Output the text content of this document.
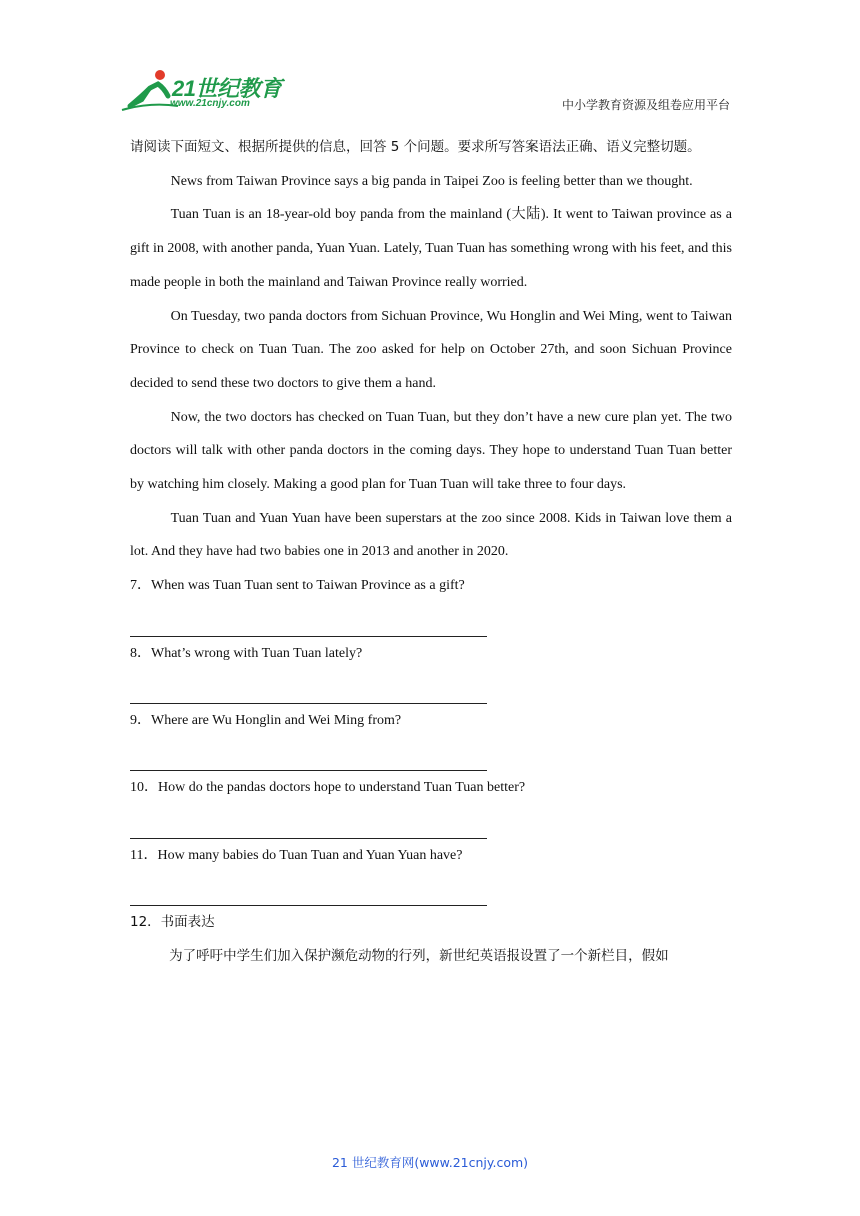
21世纪教育
www.21cnjy.com	中小学教育资源及组卷应用平台

请阅读下面短文、根据所提供的信息，回答 5 个问题。要求所写答案语法正确、语义完整切题。

News from Taiwan Province says a big panda in Taipei Zoo is feeling better than we thought.

Tuan Tuan is an 18-year-old boy panda from the mainland (大陆). It went to Taiwan province as a gift in 2008, with another panda, Yuan Yuan. Lately, Tuan Tuan has something wrong with his feet, and this made people in both the mainland and Taiwan Province really worried.

On Tuesday, two panda doctors from Sichuan Province, Wu Honglin and Wei Ming, went to Taiwan Province to check on Tuan Tuan. The zoo asked for help on October 27th, and soon Sichuan Province decided to send these two doctors to give them a hand.

Now, the two doctors has checked on Tuan Tuan, but they don’t have a new cure plan yet. The two doctors will talk with other panda doctors in the coming days. They hope to understand Tuan Tuan better by watching him closely. Making a good plan for Tuan Tuan will take three to four days.

Tuan Tuan and Yuan Yuan have been superstars at the zoo since 2008. Kids in Taiwan love them a lot. And they have had two babies one in 2013 and another in 2020.

7．When was Tuan Tuan sent to Taiwan Province as a gift?

8．What’s wrong with Tuan Tuan lately?

9．Where are Wu Honglin and Wei Ming from?

10．How do the pandas doctors hope to understand Tuan Tuan better?

11．How many babies do Tuan Tuan and Yuan Yuan have?

12．书面表达

为了呼吁中学生们加入保护濒危动物的行列，新世纪英语报设置了一个新栏目，假如

21 世纪教育网(www.21cnjy.com)
